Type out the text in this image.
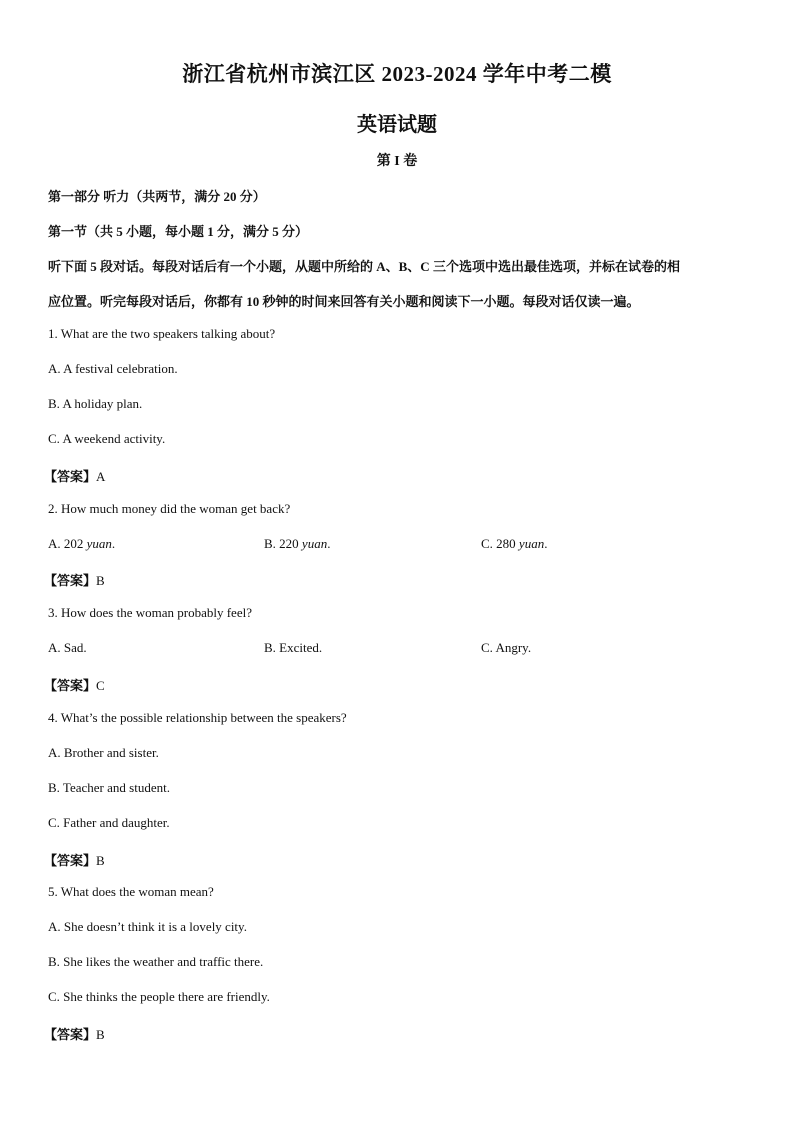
浙江省杭州市滨江区 2023-2024 学年中考二模
英语试题
第 I 卷
第一部分 听力（共两节，满分 20 分）
第一节（共 5 小题，每小题 1 分，满分 5 分）
听下面 5 段对话。每段对话后有一个小题，从题中所给的 A、B、C 三个选项中选出最佳选项，并标在试卷的相
应位置。听完每段对话后，你都有 10 秒钟的时间来回答有关小题和阅读下一小题。每段对话仅读一遍。
1. What are the two speakers talking about?
A. A festival celebration.
B. A holiday plan.
C. A weekend activity.
【答案】A
2. How much money did the woman get back?
A. 202 yuan.	B. 220 yuan.	C. 280 yuan.
【答案】B
3. How does the woman probably feel?
A. Sad.	B. Excited.	C. Angry.
【答案】C
4. What’s the possible relationship between the speakers?
A. Brother and sister.
B. Teacher and student.
C. Father and daughter.
【答案】B
5. What does the woman mean?
A. She doesn’t think it is a lovely city.
B. She likes the weather and traffic there.
C. She thinks the people there are friendly.
【答案】B
